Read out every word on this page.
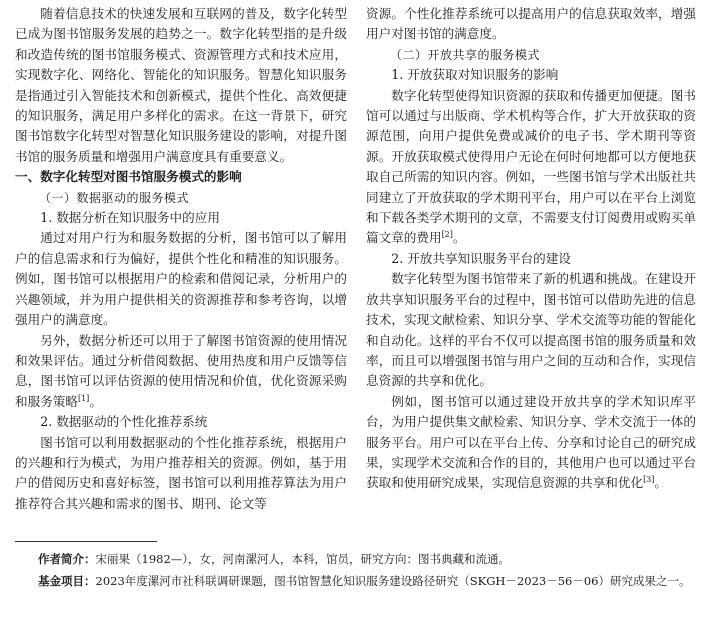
随着信息技术的快速发展和互联网的普及，数字化转型已成为图书馆服务发展的趋势之一。数字化转型指的是升级和改造传统的图书馆服务模式、资源管理方式和技术应用，实现数字化、网络化、智能化的知识服务。智慧化知识服务是指通过引入智能技术和创新模式，提供个性化、高效便捷的知识服务，满足用户多样化的需求。在这一背景下，研究图书馆数字化转型对智慧化知识服务建设的影响，对提升图书馆的服务质量和增强用户满意度具有重要意义。

一、数字化转型对图书馆服务模式的影响

（一）数据驱动的服务模式

1. 数据分析在知识服务中的应用

通过对用户行为和服务数据的分析，图书馆可以了解用户的信息需求和行为偏好，提供个性化和精准的知识服务。例如，图书馆可以根据用户的检索和借阅记录，分析用户的兴趣领域，并为用户提供相关的资源推荐和参考咨询，以增强用户的满意度。

另外，数据分析还可以用于了解图书馆资源的使用情况和效果评估。通过分析借阅数据、使用热度和用户反馈等信息，图书馆可以评估资源的使用情况和价值，优化资源采购和服务策略[1]。

2. 数据驱动的个性化推荐系统

图书馆可以利用数据驱动的个性化推荐系统，根据用户的兴趣和行为模式，为用户推荐相关的资源。例如，基于用户的借阅历史和喜好标签，图书馆可以利用推荐算法为用户推荐符合其兴趣和需求的图书、期刊、论文等

资源。个性化推荐系统可以提高用户的信息获取效率，增强用户对图书馆的满意度。

（二）开放共享的服务模式

1. 开放获取对知识服务的影响

数字化转型使得知识资源的获取和传播更加便捷。图书馆可以通过与出版商、学术机构等合作，扩大开放获取的资源范围，向用户提供免费或减价的电子书、学术期刊等资源。开放获取模式使得用户无论在何时何地都可以方便地获取自己所需的知识内容。例如，一些图书馆与学术出版社共同建立了开放获取的学术期刊平台，用户可以在平台上浏览和下载各类学术期刊的文章，不需要支付订阅费用或购买单篇文章的费用[2]。

2. 开放共享知识服务平台的建设

数字化转型为图书馆带来了新的机遇和挑战。在建设开放共享知识服务平台的过程中，图书馆可以借助先进的信息技术，实现文献检索、知识分享、学术交流等功能的智能化和自动化。这样的平台不仅可以提高图书馆的服务质量和效率，而且可以增强图书馆与用户之间的互动和合作，实现信息资源的共享和优化。

例如，图书馆可以通过建设开放共享的学术知识库平台，为用户提供集文献检索、知识分享、学术交流于一体的服务平台。用户可以在平台上传、分享和讨论自己的研究成果，实现学术交流和合作的目的，其他用户也可以通过平台获取和使用研究成果，实现信息资源的共享和优化[3]。

作者简介：宋丽果（1982—），女，河南漯河人，本科，馆员，研究方向：图书典藏和流通。

基金项目：2023年度漯河市社科联调研课题，图书馆智慧化知识服务建设路径研究（SKGH－2023－56－06）研究成果之一。
